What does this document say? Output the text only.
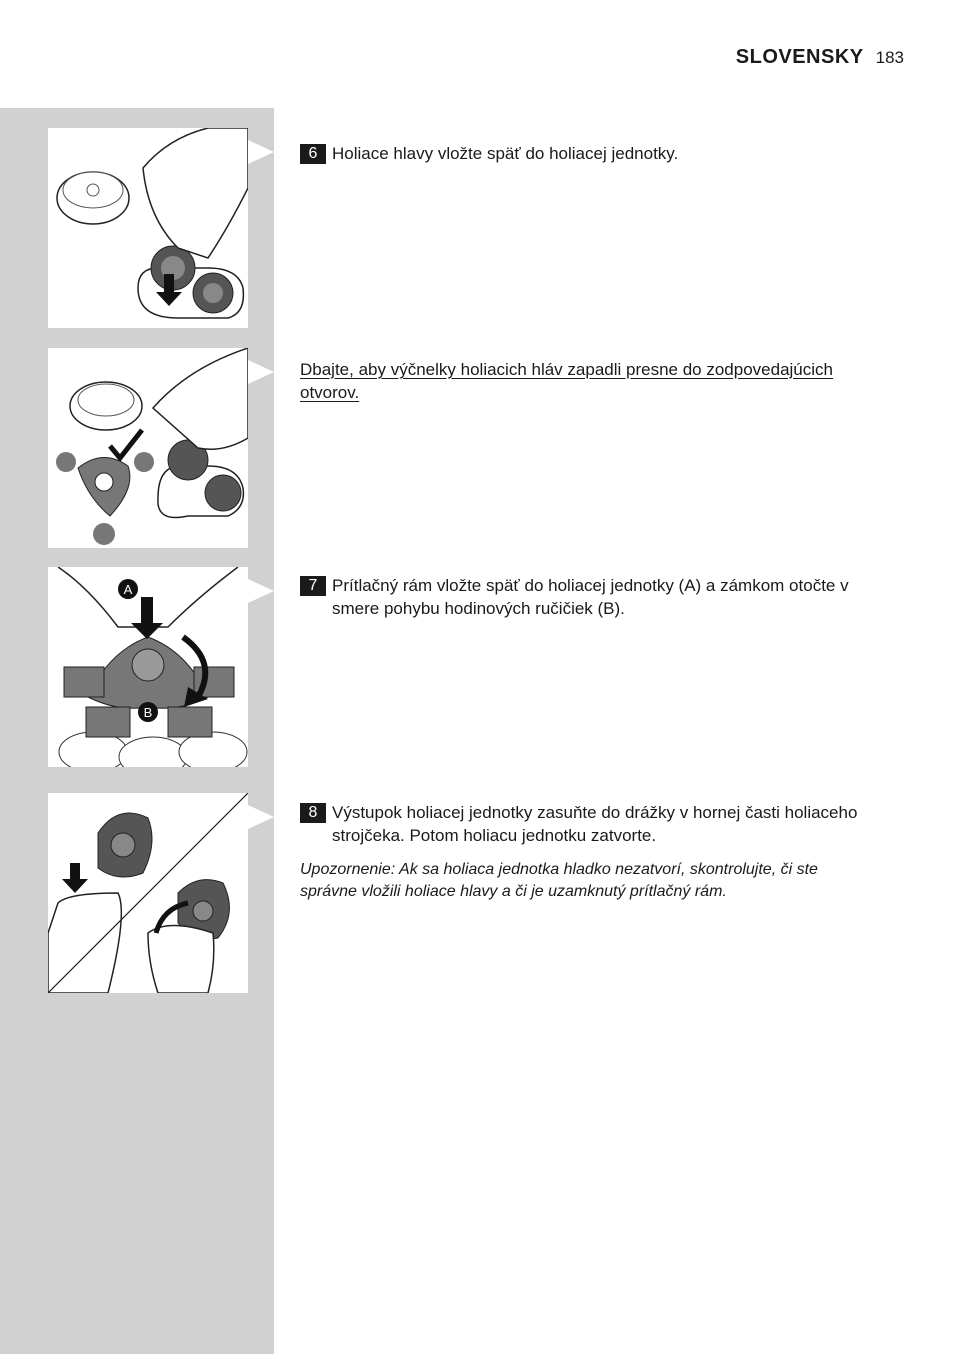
SLOVENSKY 183
A
B
6 Holiace hlavy vložte späť do holiacej jednotky.
Dbajte, aby výčnelky holiacich hláv zapadli presne do zodpovedajúcich otvorov.
7 Prítlačný rám vložte späť do holiacej jednotky (A) a zámkom otočte v smere pohybu hodinových ručičiek (B).
8 Výstupok holiacej jednotky zasuňte do drážky v hornej časti holiaceho strojčeka. Potom holiacu jednotku zatvorte.
Upozornenie: Ak sa holiaca jednotka hladko nezatvorí, skontrolujte, či ste správne vložili holiace hlavy a či je uzamknutý prítlačný rám.
